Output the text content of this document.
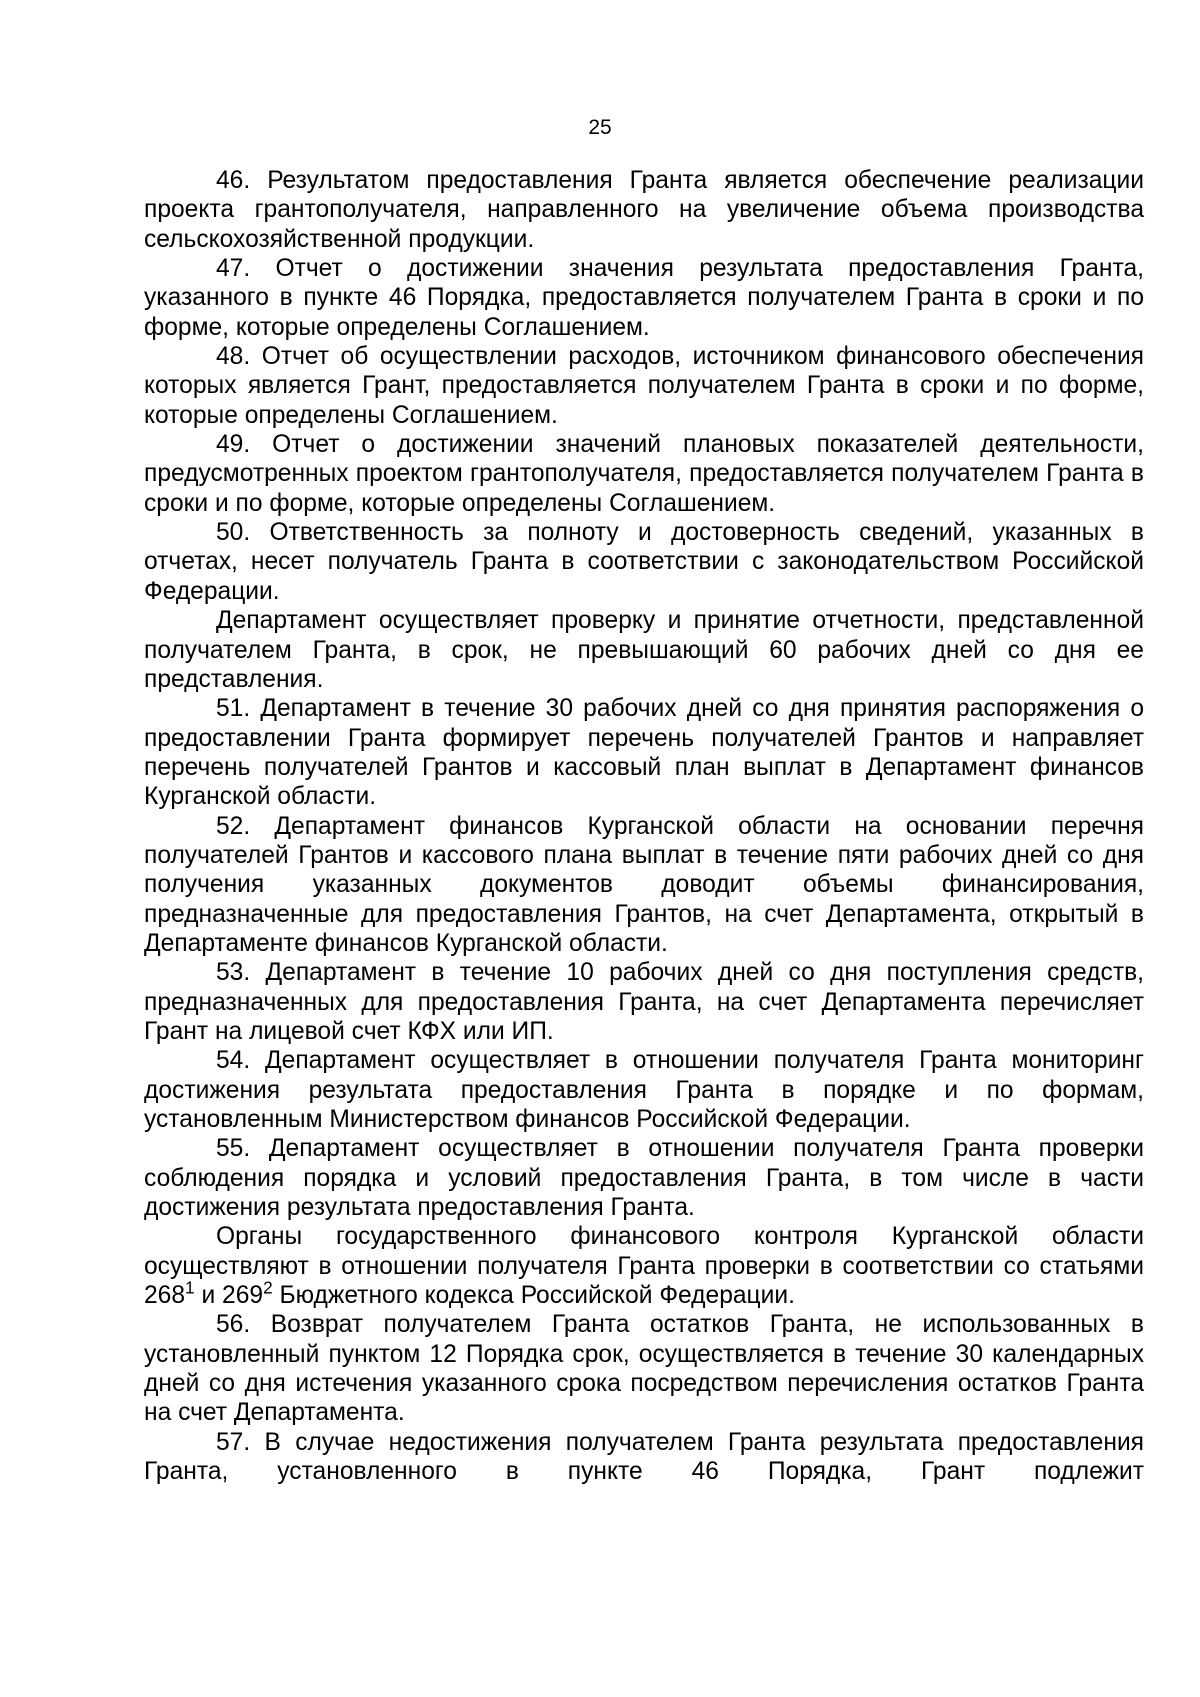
25

46. Результатом предоставления Гранта является обеспечение реализации проекта грантополучателя, направленного на увеличение объема производства сельскохозяйственной продукции.

47. Отчет о достижении значения результата предоставления Гранта, указанного в пункте 46 Порядка, предоставляется получателем Гранта в сроки и по форме, которые определены Соглашением.

48. Отчет об осуществлении расходов, источником финансового обеспечения которых является Грант, предоставляется получателем Гранта в сроки и по форме, которые определены Соглашением.

49. Отчет о достижении значений плановых показателей деятельности, предусмотренных проектом грантополучателя, предоставляется получателем Гранта в сроки и по форме, которые определены Соглашением.

50. Ответственность за полноту и достоверность сведений, указанных в отчетах, несет получатель Гранта в соответствии с законодательством Российской Федерации.

Департамент осуществляет проверку и принятие отчетности, представленной получателем Гранта, в срок, не превышающий 60 рабочих дней со дня ее представления.

51. Департамент в течение 30 рабочих дней со дня принятия распоряжения о предоставлении Гранта формирует перечень получателей Грантов и направляет перечень получателей Грантов и кассовый план выплат в Департамент финансов Курганской области.

52. Департамент финансов Курганской области на основании перечня получателей Грантов и кассового плана выплат в течение пяти рабочих дней со дня получения указанных документов доводит объемы финансирования, предназначенные для предоставления Грантов, на счет Департамента, открытый в Департаменте финансов Курганской области.

53. Департамент в течение 10 рабочих дней со дня поступления средств, предназначенных для предоставления Гранта, на счет Департамента перечисляет Грант на лицевой счет КФХ или ИП.

54. Департамент осуществляет в отношении получателя Гранта мониторинг достижения результата предоставления Гранта в порядке и по формам, установленным Министерством финансов Российской Федерации.

55. Департамент осуществляет в отношении получателя Гранта проверки соблюдения порядка и условий предоставления Гранта, в том числе в части достижения результата предоставления Гранта.

Органы государственного финансового контроля Курганской области осуществляют в отношении получателя Гранта проверки в соответствии со статьями $268^1$ и $269^2$ Бюджетного кодекса Российской Федерации.

56. Возврат получателем Гранта остатков Гранта, не использованных в установленный пунктом 12 Порядка срок, осуществляется в течение 30 календарных дней со дня истечения указанного срока посредством перечисления остатков Гранта на счет Департамента.

57. В случае недостижения получателем Гранта результата предоставления Гранта, установленного в пункте 46 Порядка, Грант подлежит
